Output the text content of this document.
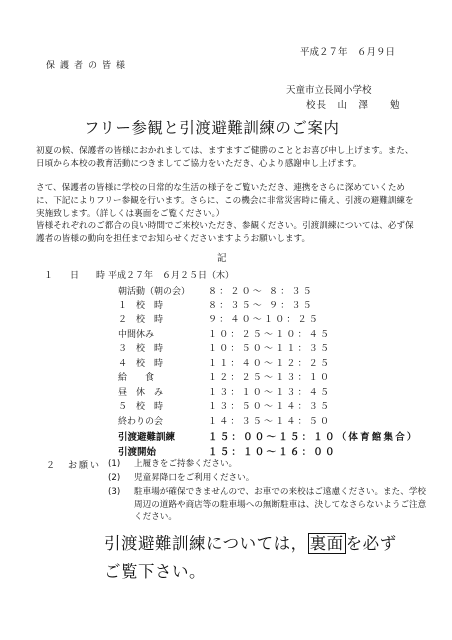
平成２７年　６月９日
保護者の皆様
天童市立長岡小学校
校長　山　澤　　勉
フリー参観と引渡避難訓練のご案内
初夏の候、保護者の皆様におかれましては、ますますご健勝のこととお喜び申し上げます。また、日頃から本校の教育活動につきましてご協力をいただき、心より感謝申し上げます。
さて、保護者の皆様に学校の日常的な生活の様子をご覧いただき、連携をさらに深めていくために、下記によりフリー参観を行います。さらに、この機会に非常災害時に備え、引渡の避難訓練を実施致します。（詳しくは裏面をご覧ください。）
皆様それぞれのご都合の良い時間でご来校いただき、参観ください。引渡訓練については、必ず保護者の皆様の動向を担任までお知らせくださいますようお願いします。
記
１　日　時
平成２７年　６月２５日（木）
朝活動（朝の会） ８：２０～ ８：３５
１　校　時	８：３５～ ９：３５
２　校　時	９：４０～１０：２５
中間休み	１０：２５～１０：４５
３　校　時	１０：５０～１１：３５
４　校　時	１１：４０～１２：２５
給　　食	１２：２５～１３：１０
昼　休　み	１３：１０～１３：４５
５　校　時	１３：５０～１４：３５
終わりの会	１４：３５～１４：５０
引渡避難訓練	１５：００～１５：１０（体育館集合）
引渡開始	１５：１０～１６：００
２　お願い (1) 上履きをご持参ください。
(2) 児童昇降口をご利用ください。
(3) 駐車場が確保できませんので、お車での来校はご遠慮ください。また、学校周辺の道路や商店等の駐車場への無断駐車は、決してなさらないようご注意ください。
引渡避難訓練については， 裏面 を必ずご覧下さい。
